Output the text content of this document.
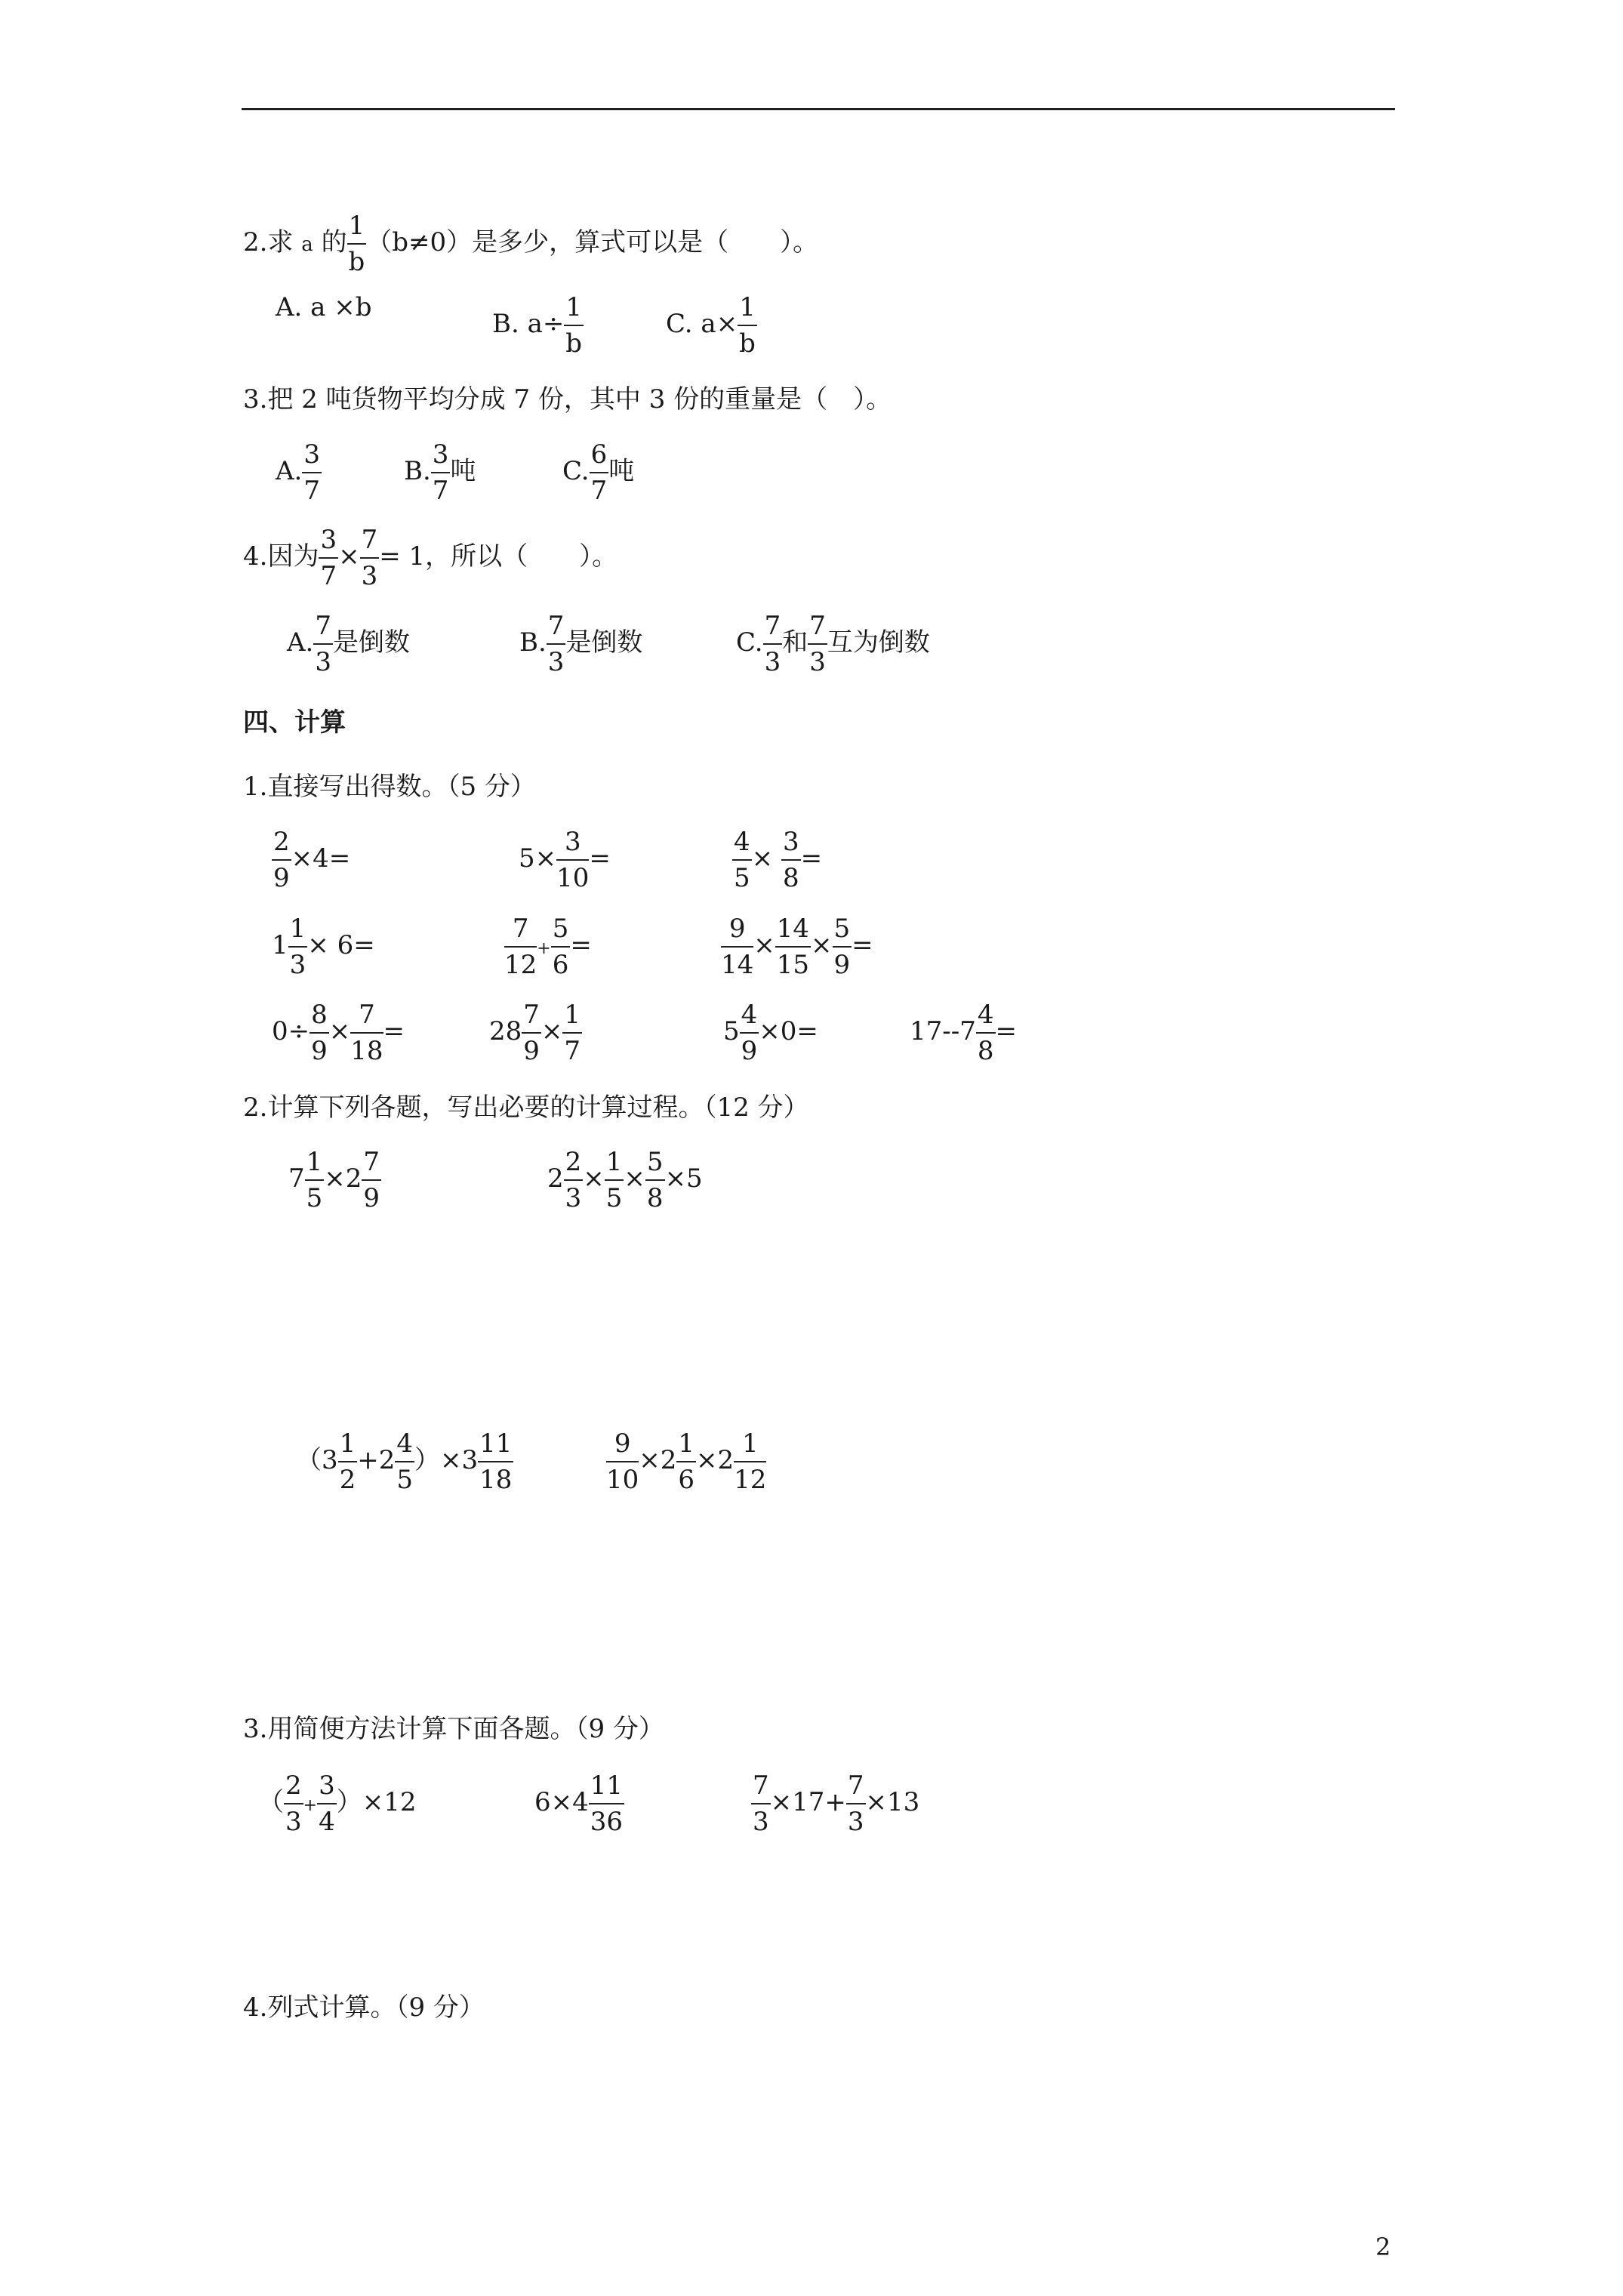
2.求 a 的 $\frac{1}{b} (b\ne 0)$是多少，算式可以是（　　）。
A. a ×b
B. $a\div \frac{1}{b}$	C. $a\times \frac{1}{b}$
3.把 2 吨货物平均分成 7 份，其中 3 份的重量是（　）。
A. $\frac{3}{7}$	B. $\frac{3}{7}$ 吨	C. $\frac{6}{7}$ 吨
4.因为 $\frac{3}{7} \times \frac{7}{3} = 1$，所以（　　）。
A. $\frac{7}{3}$ 是倒数	B. $\frac{7}{3}$ 是倒数	C. $\frac{7}{3}$ 和 $\frac{7}{3}$ 互为倒数
四、计算
1.直接写出得数。（5 分）
$\frac{2}{9} \times 4=$	$5\times \frac{3}{10}$ =	$\frac{4}{5} \times \frac{3}{8}$ =
$1 \frac{1}{3} \times 6=$	$\frac{7}{12} + \frac{5}{6}$ =	$\frac{9}{14} \times \frac{14}{15} \times \frac{5}{9}$ =
$0\div \frac{8}{9} \times \frac{7}{18}$ =	$28 \frac{7}{9} \times \frac{1}{7}$	$5 \frac{4}{9} \times 0=$	$17--7 \frac{4}{8}$ =
2.计算下列各题，写出必要的计算过程。（12 分）
$7 \frac{1}{5} \times 2 \frac{7}{9}$	$2 \frac{2}{3} \times \frac{1}{5} \times \frac{5}{8} \times 5$
$(3 \frac{1}{2} +2 \frac{4}{5} )\times 3 \frac{11}{18}$	$\frac{9}{10} \times 2 \frac{1}{6} \times 2 \frac{1}{12}$
3.用简便方法计算下面各题。（9 分）
（ $\frac{2}{3} + \frac{3}{4} )\times 12$	$6\times 4 \frac{11}{36}$	$\frac{7}{3} \times 17+ \frac{7}{3} \times 13$
4.列式计算。（9 分）
2
